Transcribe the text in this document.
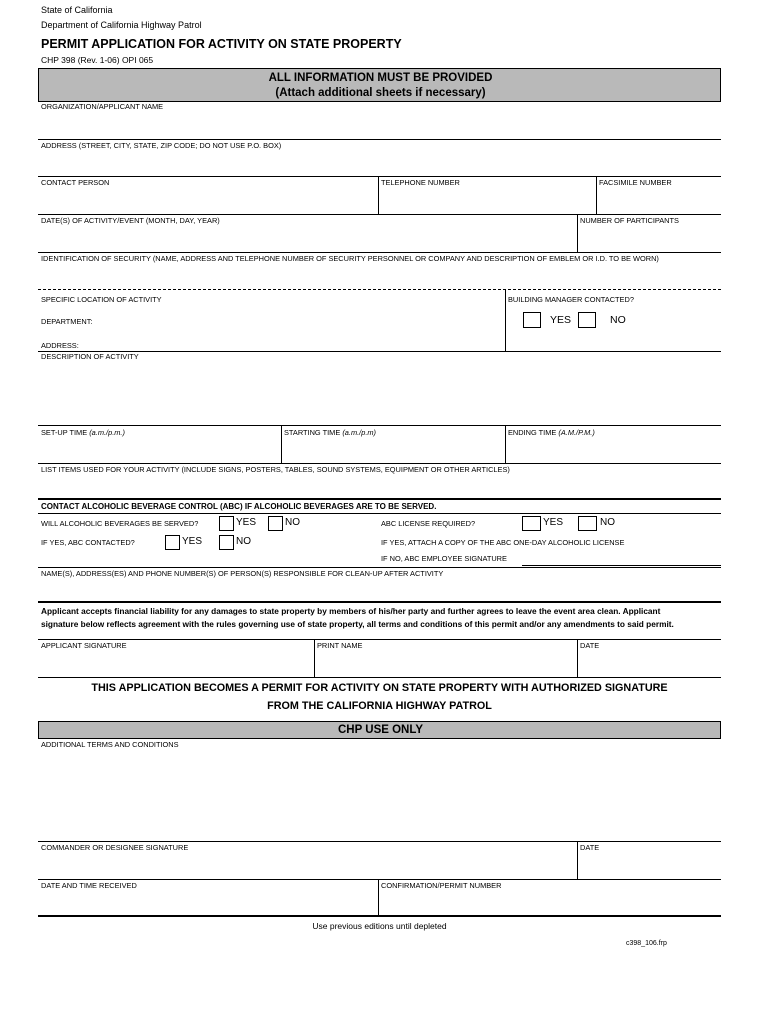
State of California
Department of California Highway Patrol
PERMIT APPLICATION FOR ACTIVITY ON STATE PROPERTY
CHP 398 (Rev. 1-06) OPI 065
ALL INFORMATION MUST BE PROVIDED
(Attach additional sheets if necessary)
ORGANIZATION/APPLICANT NAME
ADDRESS (STREET, CITY, STATE, ZIP CODE; DO NOT USE P.O. BOX)
CONTACT PERSON	TELEPHONE NUMBER	FACSIMILE NUMBER
DATE(S) OF ACTIVITY/EVENT (MONTH, DAY, YEAR)	NUMBER OF PARTICIPANTS
IDENTIFICATION OF SECURITY (NAME, ADDRESS AND TELEPHONE NUMBER OF SECURITY PERSONNEL OR COMPANY AND DESCRIPTION OF EMBLEM OR I.D. TO BE WORN)
SPECIFIC LOCATION OF ACTIVITY	BUILDING MANAGER CONTACTED?
DEPARTMENT:	YES	NO
ADDRESS:
DESCRIPTION OF ACTIVITY
SET-UP TIME (a.m./p.m.)	STARTING TIME (a.m./p.m)	ENDING TIME (A.M./P.M.)
LIST ITEMS USED FOR YOUR ACTIVITY (INCLUDE SIGNS, POSTERS, TABLES, SOUND SYSTEMS, EQUIPMENT OR OTHER ARTICLES)
CONTACT ALCOHOLIC BEVERAGE CONTROL (ABC) IF ALCOHOLIC BEVERAGES ARE TO BE SERVED.
WILL ALCOHOLIC BEVERAGES BE SERVED?	YES	NO	ABC LICENSE REQUIRED?	YES	NO
IF YES, ABC CONTACTED?	YES	NO	IF YES, ATTACH A COPY OF THE ABC ONE-DAY ALCOHOLIC LICENSE
IF NO, ABC EMPLOYEE SIGNATURE
NAME(S), ADDRESS(ES) AND PHONE NUMBER(S) OF PERSON(S) RESPONSIBLE FOR CLEAN-UP AFTER ACTIVITY
Applicant accepts financial liability for any damages to state property by members of his/her party and further agrees to leave the event area clean. Applicant
signature below reflects agreement with the rules governing use of state property, all terms and conditions of this permit and/or any amendments to said permit.
APPLICANT SIGNATURE	PRINT NAME	DATE
THIS APPLICATION BECOMES A PERMIT FOR ACTIVITY ON STATE PROPERTY WITH AUTHORIZED SIGNATURE
FROM THE CALIFORNIA HIGHWAY PATROL
CHP USE ONLY
ADDITIONAL TERMS AND CONDITIONS
COMMANDER OR DESIGNEE SIGNATURE	DATE
DATE AND TIME RECEIVED	CONFIRMATION/PERMIT NUMBER
Use previous editions until depleted
c398_106.frp
